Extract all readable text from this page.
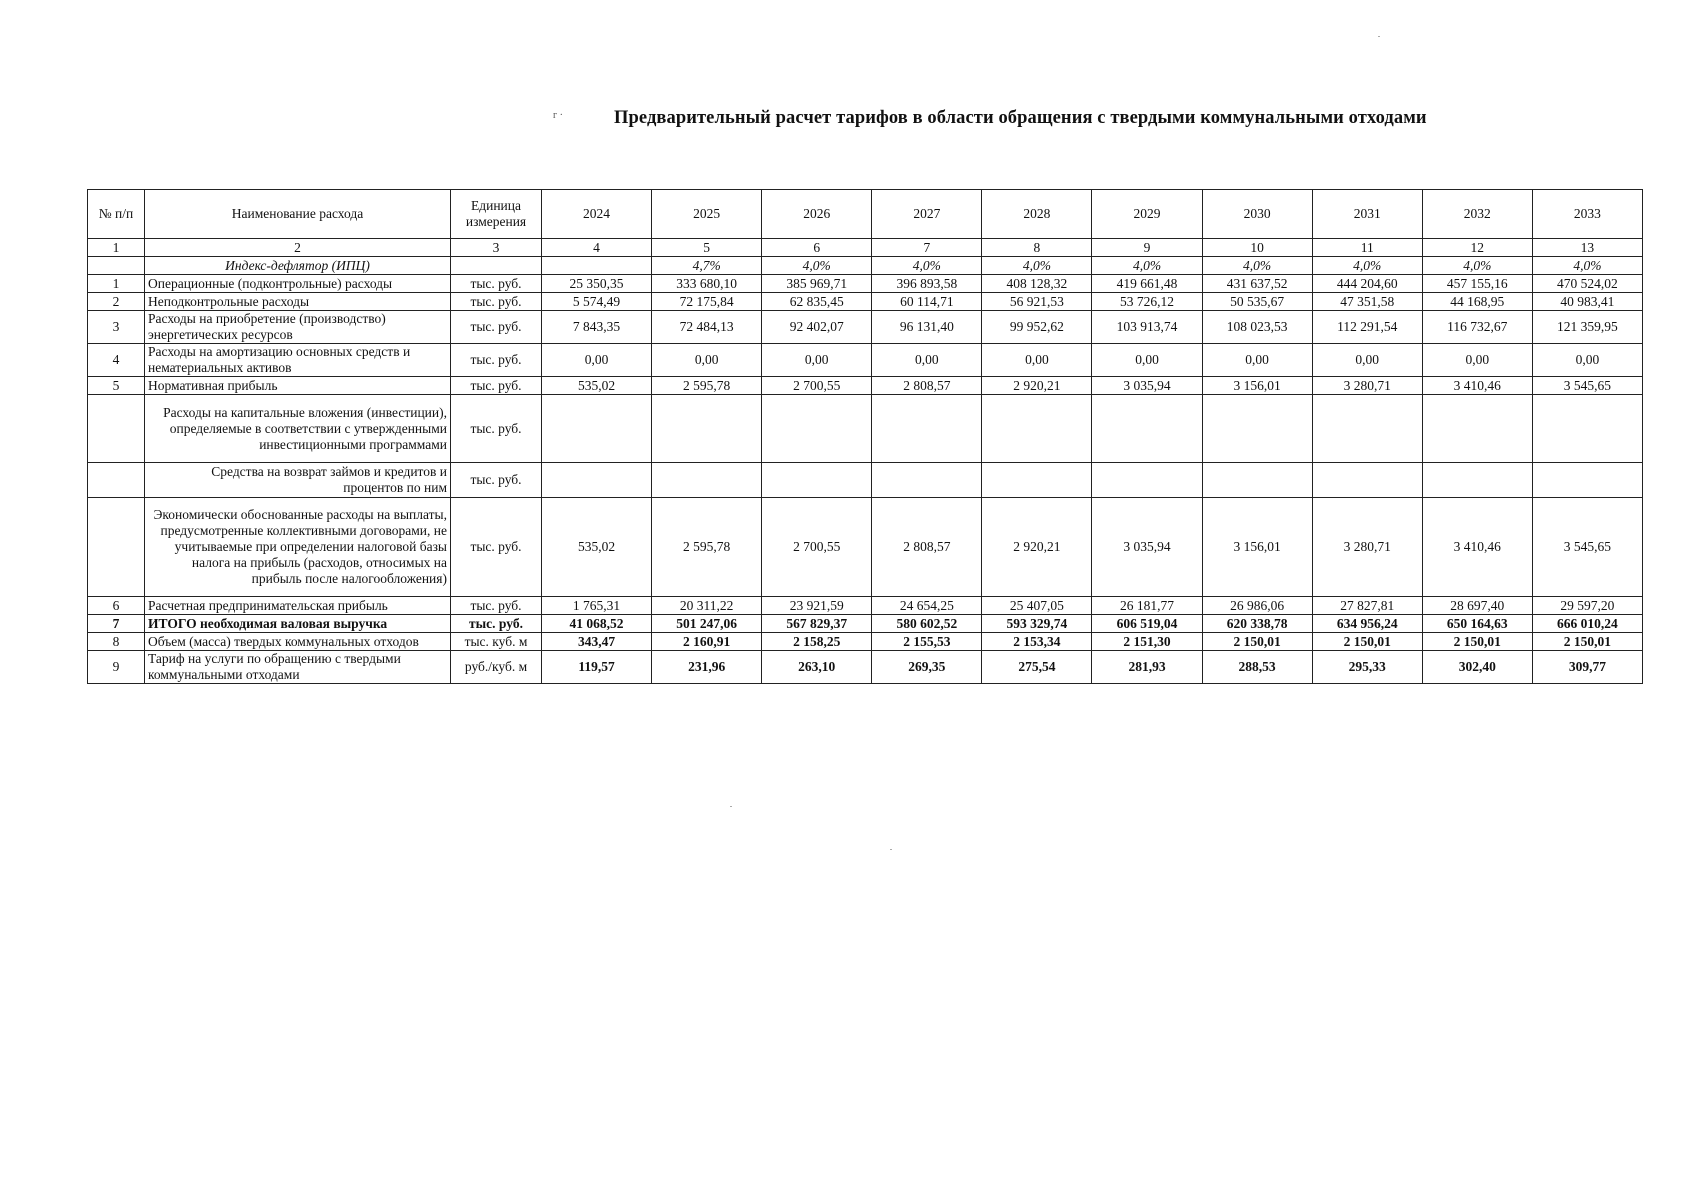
г ·	Предварительный расчет тарифов в области обращения с твердыми коммунальными отходами
№ п/п	Наименование расхода	Единица измерения	2024	2025	2026	2027	2028	2029	2030	2031	2032	2033
1	2	3	4	5	6	7	8	9	10	11	12	13
	Индекс-дефлятор (ИПЦ)			4,7%	4,0%	4,0%	4,0%	4,0%	4,0%	4,0%	4,0%	4,0%
1	Операционные (подконтрольные) расходы	тыс. руб.	25 350,35	333 680,10	385 969,71	396 893,58	408 128,32	419 661,48	431 637,52	444 204,60	457 155,16	470 524,02
2	Неподконтрольные расходы	тыс. руб.	5 574,49	72 175,84	62 835,45	60 114,71	56 921,53	53 726,12	50 535,67	47 351,58	44 168,95	40 983,41
3	Расходы на приобретение (производство) энергетических ресурсов	тыс. руб.	7 843,35	72 484,13	92 402,07	96 131,40	99 952,62	103 913,74	108 023,53	112 291,54	116 732,67	121 359,95
4	Расходы на амортизацию основных средств и нематериальных активов	тыс. руб.	0,00	0,00	0,00	0,00	0,00	0,00	0,00	0,00	0,00	0,00
5	Нормативная прибыль	тыс. руб.	535,02	2 595,78	2 700,55	2 808,57	2 920,21	3 035,94	3 156,01	3 280,71	3 410,46	3 545,65
	Расходы на капитальные вложения (инвестиции), определяемые в соответствии с утвержденными инвестиционными программами	тыс. руб.										
	Средства на возврат займов и кредитов и процентов по ним	тыс. руб.										
	Экономически обоснованные расходы на выплаты, предусмотренные коллективными договорами, не учитываемые при определении налоговой базы налога на прибыль (расходов, относимых на прибыль после налогообложения)	тыс. руб.	535,02	2 595,78	2 700,55	2 808,57	2 920,21	3 035,94	3 156,01	3 280,71	3 410,46	3 545,65
6	Расчетная предпринимательская прибыль	тыс. руб.	1 765,31	20 311,22	23 921,59	24 654,25	25 407,05	26 181,77	26 986,06	27 827,81	28 697,40	29 597,20
7	ИТОГО необходимая валовая выручка	тыс. руб.	41 068,52	501 247,06	567 829,37	580 602,52	593 329,74	606 519,04	620 338,78	634 956,24	650 164,63	666 010,24
8	Объем (масса) твердых коммунальных отходов	тыс. куб. м	343,47	2 160,91	2 158,25	2 155,53	2 153,34	2 151,30	2 150,01	2 150,01	2 150,01	2 150,01
9	Тариф на услуги по обращению с твердыми коммунальными отходами	руб./куб. м	119,57	231,96	263,10	269,35	275,54	281,93	288,53	295,33	302,40	309,77
